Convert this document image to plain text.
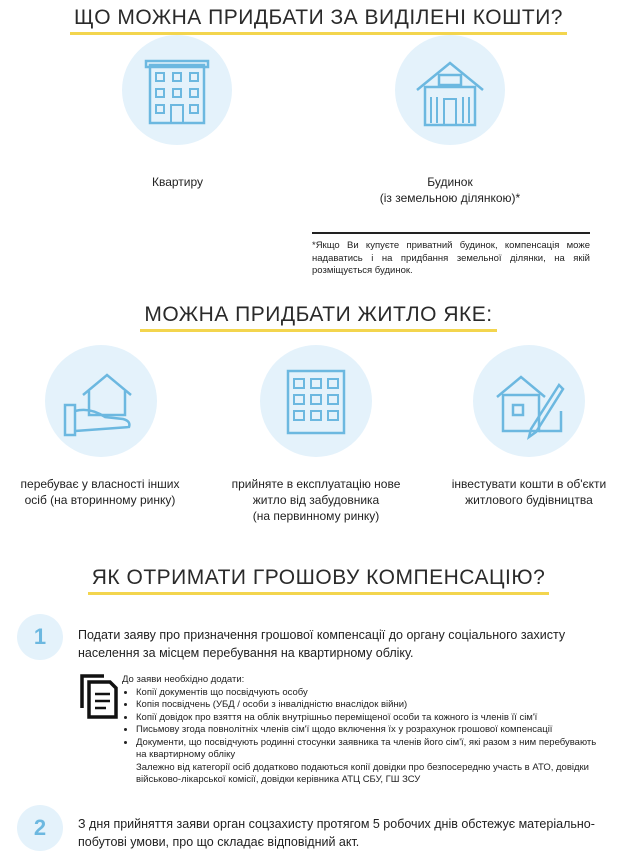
ЩО МОЖНА ПРИДБАТИ ЗА ВИДІЛЕНІ КОШТИ?
Квартиру	Будинок
(із земельною ділянкою)*
*Якщо Ви купуєте приватний будинок, компенсація може надаватись і на придбання земельної ділянки, на якій розміщується будинок.
МОЖНА ПРИДБАТИ ЖИТЛО ЯКЕ:
перебуває у власності інших
осіб (на вторинному ринку)
прийняте в експлуатацію нове
житло від забудовника
(на первинному ринку)
інвестувати кошти в об'єкти
житлового будівництва
ЯК ОТРИМАТИ ГРОШОВУ КОМПЕНСАЦІЮ?
1	Подати заяву про призначення грошової компенсації до органу соціального захисту населення за місцем перебування на квартирному обліку.
До заяви необхідно додати:
• Копії документів що посвідчують особу
• Копія посвідчень (УБД / особи з інвалідністю внаслідок війни)
• Копії довідок про взяття на облік внутрішньо переміщеної особи та кожного із членів її сім'ї
• Письмову згода повнолітніх членів сім'ї щодо включення їх у розрахунок грошової компенсації
• Документи, що посвідчують родинні стосунки заявника та членів його сім'ї, які разом з ним перебувають на квартирному обліку
Залежно від категорії осіб додатково подаються копії довідки про безпосередню участь в АТО, довідки військово-лікарської комісії, довідки керівника АТЦ СБУ, ГШ ЗСУ
2	З дня прийняття заяви орган соцзахисту протягом 5 робочих днів обстежує матеріально-побутові умови, про що складає відповідний акт.
